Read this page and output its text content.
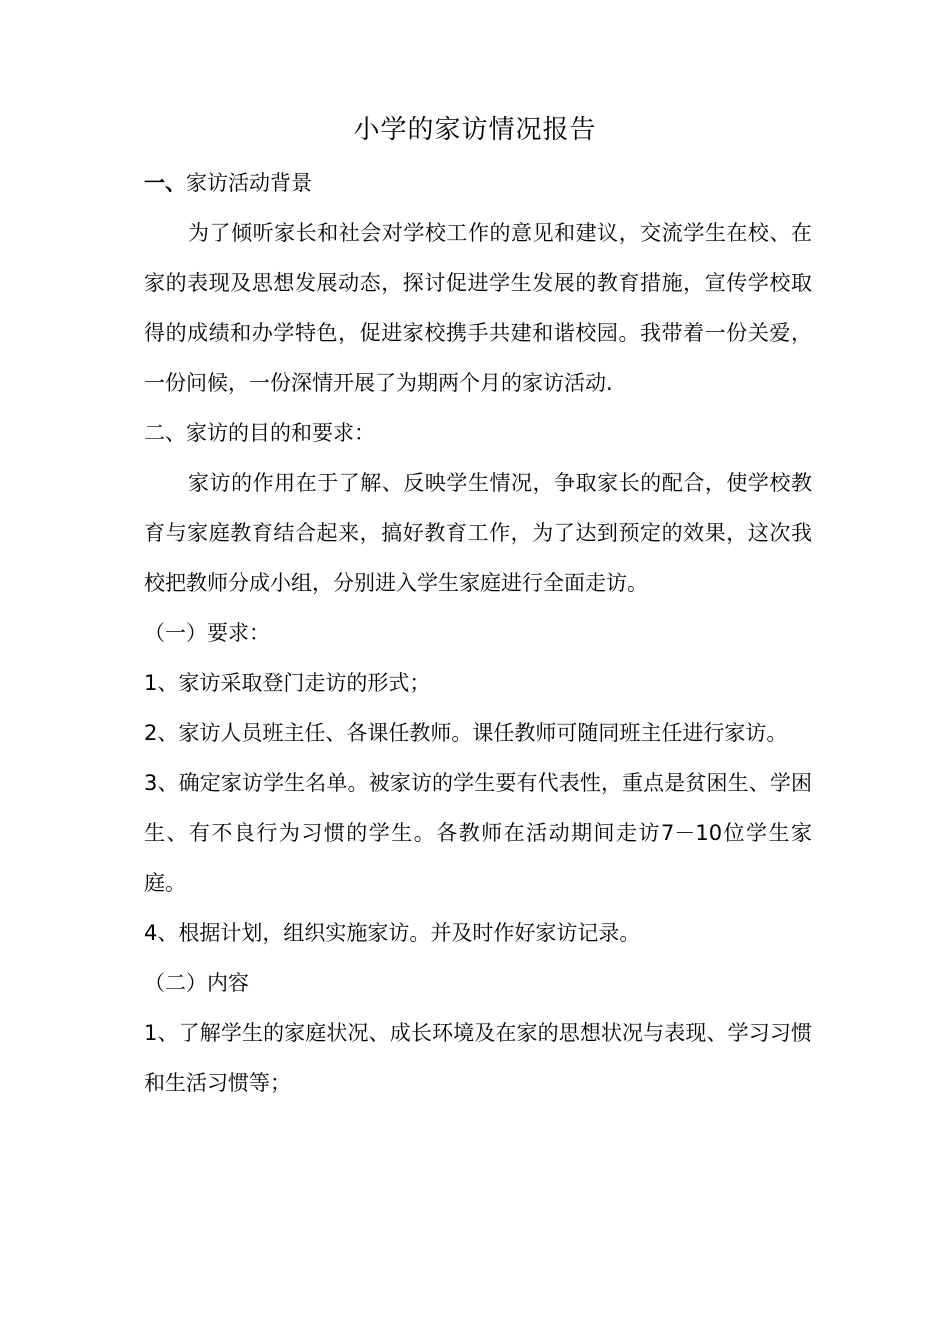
小学的家访情况报告

一、家访活动背景

为了倾听家长和社会对学校工作的意见和建议，交流学生在校、在家的表现及思想发展动态，探讨促进学生发展的教育措施，宣传学校取得的成绩和办学特色，促进家校携手共建和谐校园。我带着一份关爱，一份问候，一份深情开展了为期两个月的家访活动.

二、家访的目的和要求：

家访的作用在于了解、反映学生情况，争取家长的配合，使学校教育与家庭教育结合起来，搞好教育工作，为了达到预定的效果，这次我校把教师分成小组，分别进入学生家庭进行全面走访。

（一）要求：

1、家访采取登门走访的形式；

2、家访人员班主任、各课任教师。课任教师可随同班主任进行家访。

3、确定家访学生名单。被家访的学生要有代表性，重点是贫困生、学困生、有不良行为习惯的学生。各教师在活动期间走访7－10位学生家庭。

4、根据计划，组织实施家访。并及时作好家访记录。

（二）内容

1、了解学生的家庭状况、成长环境及在家的思想状况与表现、学习习惯和生活习惯等；
